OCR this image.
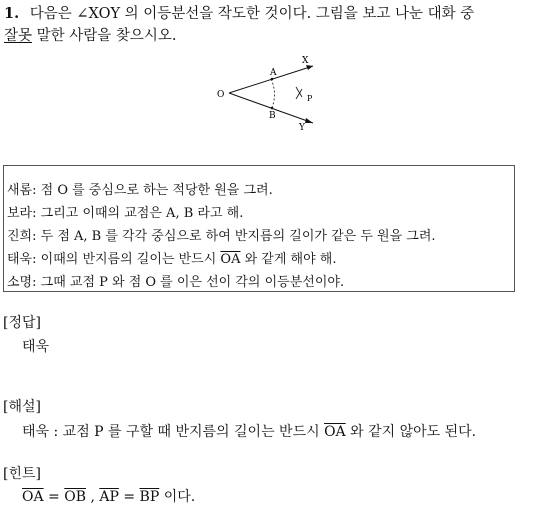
1. 다음은 ∠XOY 의 이등분선을 작도한 것이다. 그림을 보고 나눈 대화 중
잘못 말한 사람을 찾으시오.
O
A
B
X
Y
P
새롬: 점 O 를 중심으로 하는 적당한 원을 그려.
보라: 그리고 이때의 교점은 A, B 라고 해.
진희: 두 점 A, B 를 각각 중심으로 하여 반지름의 길이가 같은 두 원을 그려.
태욱: 이때의 반지름의 길이는 반드시 $\overline{OA}$ 와 같게 해야 해.
소명: 그때 교점 P 와 점 O 를 이은 선이 각의 이등분선이야.
[정답]
태욱
[해설]
태욱 : 교점 P 를 구할 때 반지름의 길이는 반드시 $\overline{OA}$ 와 같지 않아도 된다.
[힌트]
$\overline{OA} = \overline{OB}$ , $\overline{AP} = \overline{BP}$ 이다.
